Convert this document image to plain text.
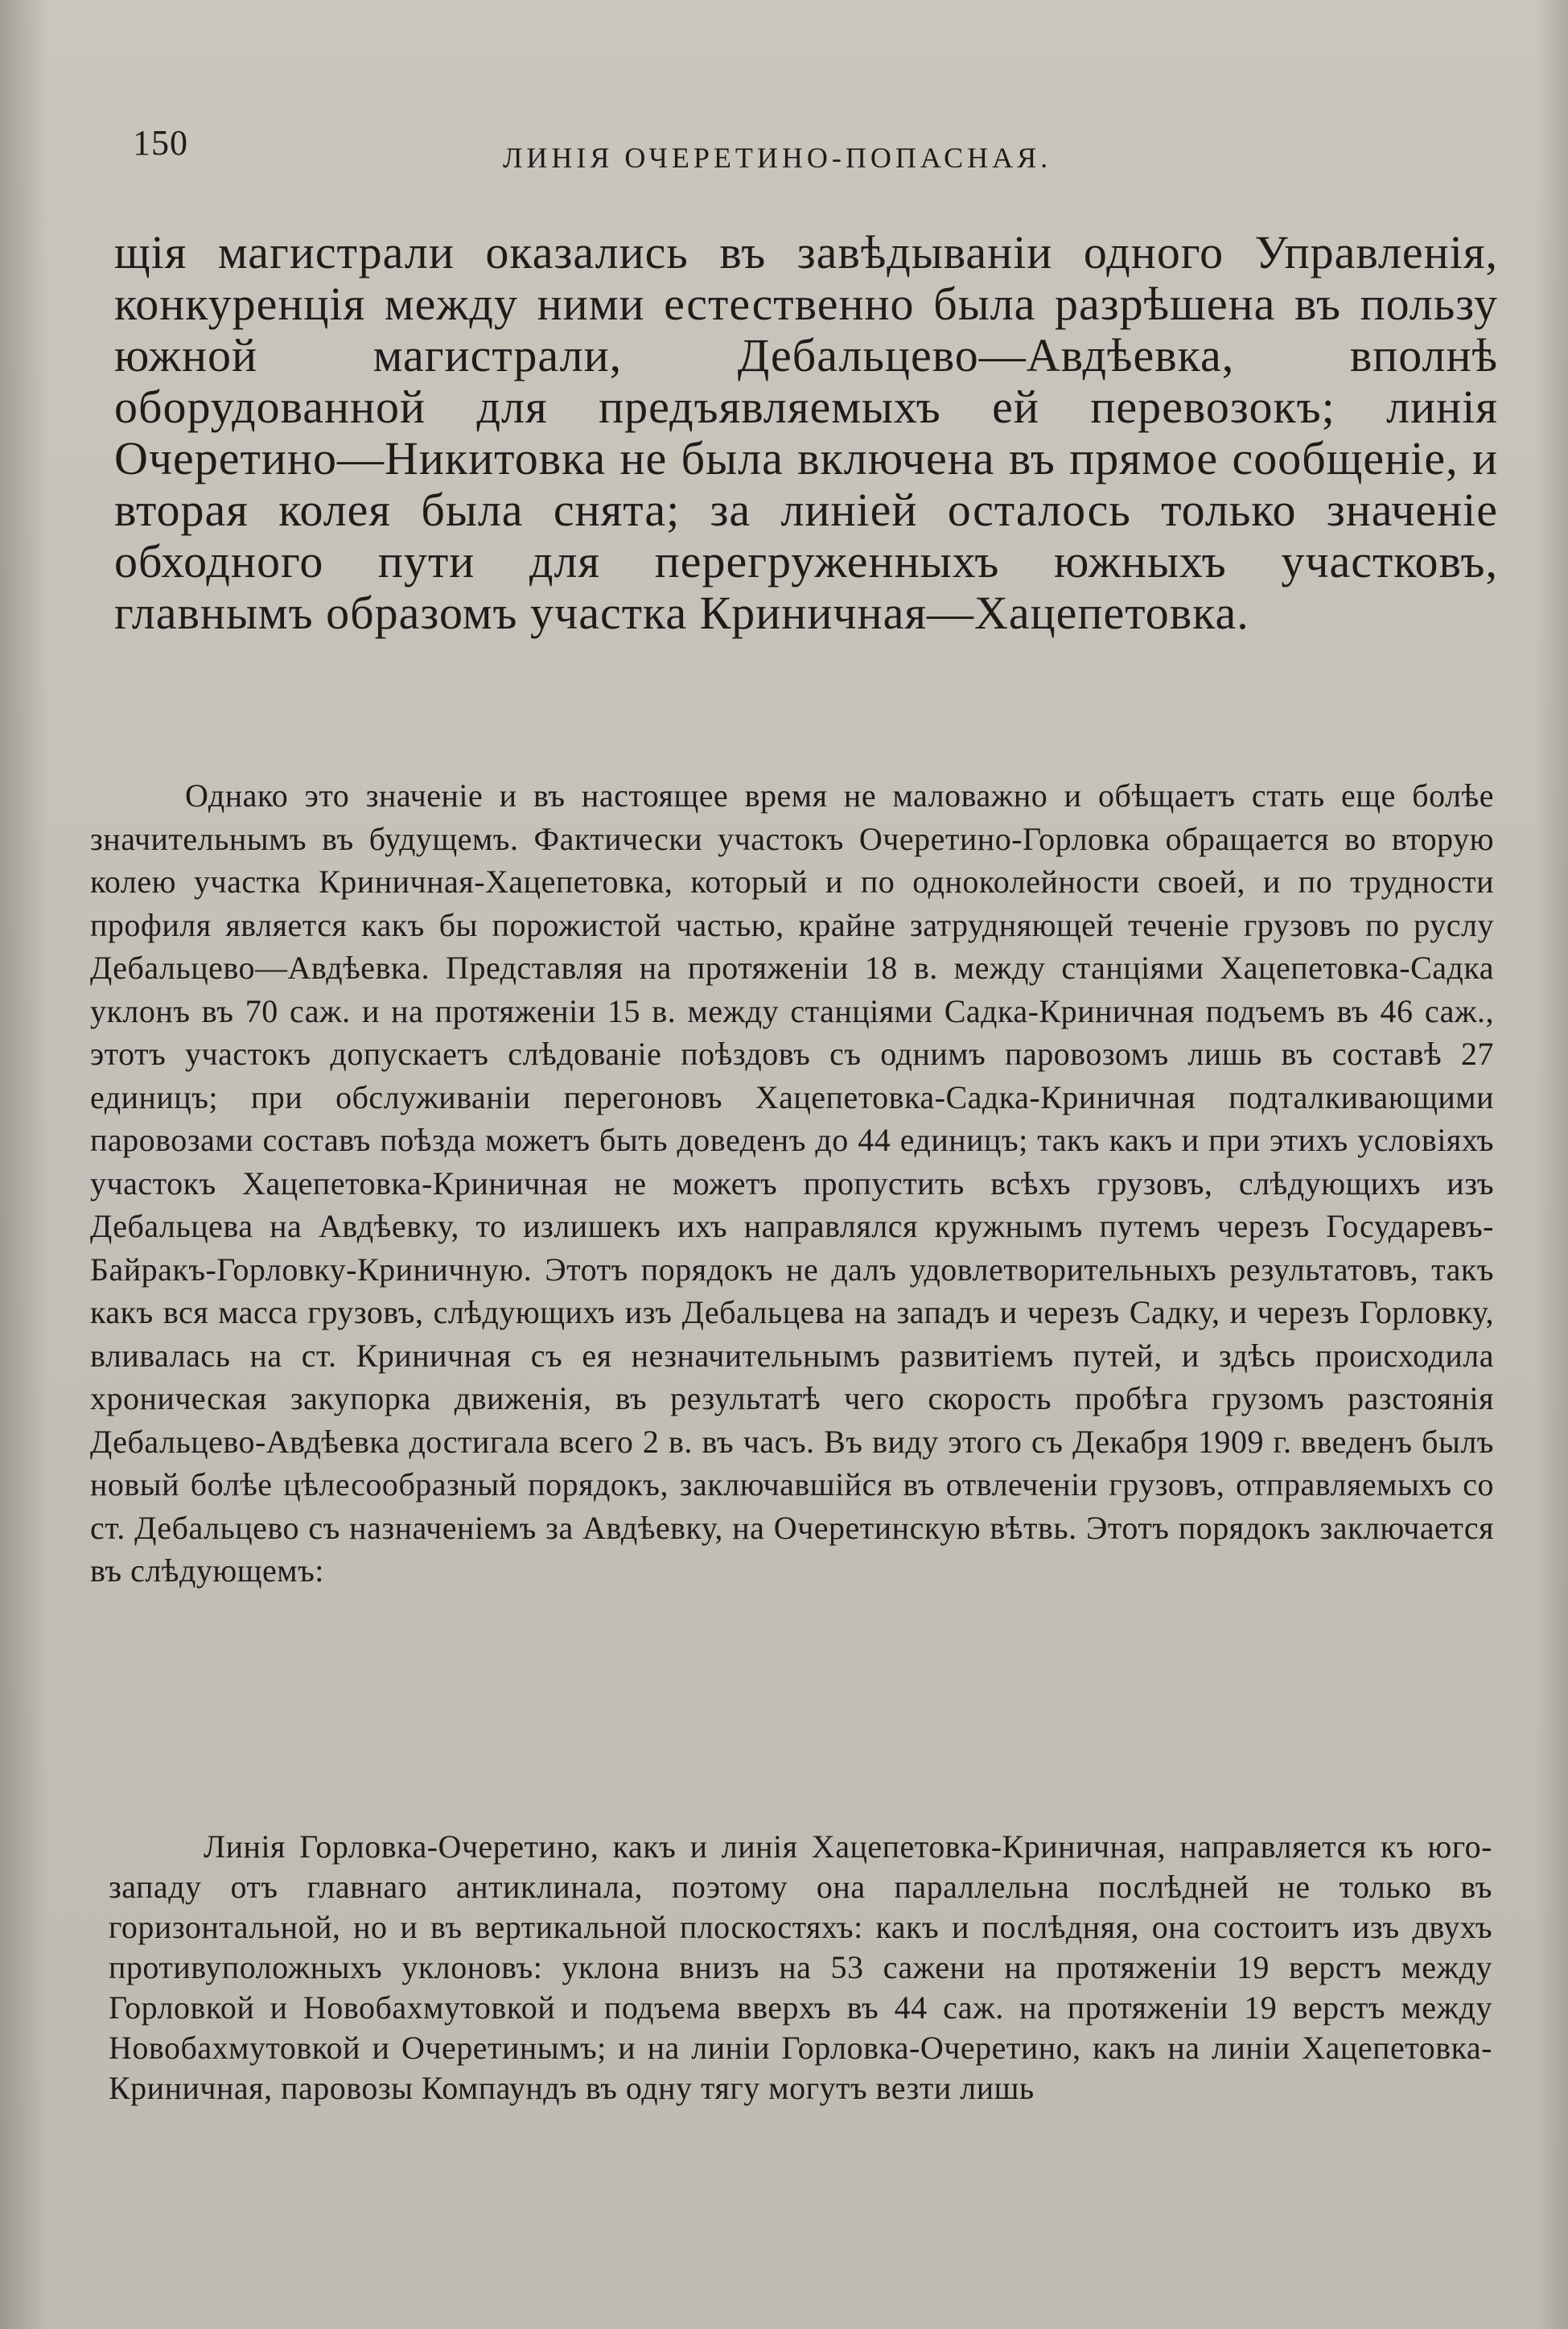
150	ЛИНІЯ ОЧЕРЕТИНО-ПОПАСНАЯ.

щія магистрали оказались въ завѣдываніи одного Управленія, конкуренція между ними естественно была разрѣшена въ пользу южной магистрали, Дебальцево—Авдѣевка, вполнѣ оборудованной для предъявляемыхъ ей перевозокъ; линія Очеретино—Никитовка не была включена въ прямое сообщеніе, и вторая колея была снята; за линіей осталось только значеніе обходного пути для перегруженныхъ южныхъ участковъ, главнымъ образомъ участка Криничная—Хацепетовка.

Однако это значеніе и въ настоящее время не маловажно и обѣщаетъ стать еще болѣе значительнымъ въ будущемъ. Фактически участокъ Очеретино-Горловка обращается во вторую колею участка Криничная-Хацепетовка, который и по одноколейности своей, и по трудности профиля является какъ бы порожистой частью, крайне затрудняющей теченіе грузовъ по руслу Дебальцево—Авдѣевка. Представляя на протяженіи 18 в. между станціями Хацепетовка-Садка уклонъ въ 70 саж. и на протяженіи 15 в. между станціями Садка-Криничная подъемъ въ 46 саж., этотъ участокъ допускаетъ слѣдованіе поѣздовъ съ однимъ паровозомъ лишь въ составѣ 27 единицъ; при обслуживаніи перегоновъ Хацепетовка-Садка-Криничная подталкивающими паровозами составъ поѣзда можетъ быть доведенъ до 44 единицъ; такъ какъ и при этихъ условіяхъ участокъ Хацепетовка-Криничная не можетъ пропустить всѣхъ грузовъ, слѣдующихъ изъ Дебальцева на Авдѣевку, то излишекъ ихъ направлялся кружнымъ путемъ черезъ Государевъ-Байракъ-Горловку-Криничную. Этотъ порядокъ не далъ удовлетворительныхъ результатовъ, такъ какъ вся масса грузовъ, слѣдующихъ изъ Дебальцева на западъ и черезъ Садку, и черезъ Горловку, вливалась на ст. Криничная съ ея незначительнымъ развитіемъ путей, и здѣсь происходила хроническая закупорка движенія, въ результатѣ чего скорость пробѣга грузомъ разстоянія Дебальцево-Авдѣевка достигала всего 2 в. въ часъ. Въ виду этого съ Декабря 1909 г. введенъ былъ новый болѣе цѣлесообразный порядокъ, заключавшійся въ отвлеченіи грузовъ, отправляемыхъ со ст. Дебальцево съ назначеніемъ за Авдѣевку, на Очеретинскую вѣтвь. Этотъ порядокъ заключается въ слѣдующемъ:

Линія Горловка-Очеретино, какъ и линія Хацепетовка-Криничная, направляется къ юго-западу отъ главнаго антиклинала, поэтому она параллельна послѣдней не только въ горизонтальной, но и въ вертикальной плоскостяхъ: какъ и послѣдняя, она состоитъ изъ двухъ противуположныхъ уклоновъ: уклона внизъ на 53 сажени на протяженіи 19 верстъ между Горловкой и Новобахмутовкой и подъема вверхъ въ 44 саж. на протяженіи 19 верстъ между Новобахмутовкой и Очеретинымъ; и на линіи Горловка-Очеретино, какъ на линіи Хацепетовка-Криничная, паровозы Компаундъ въ одну тягу могутъ везти лишь
